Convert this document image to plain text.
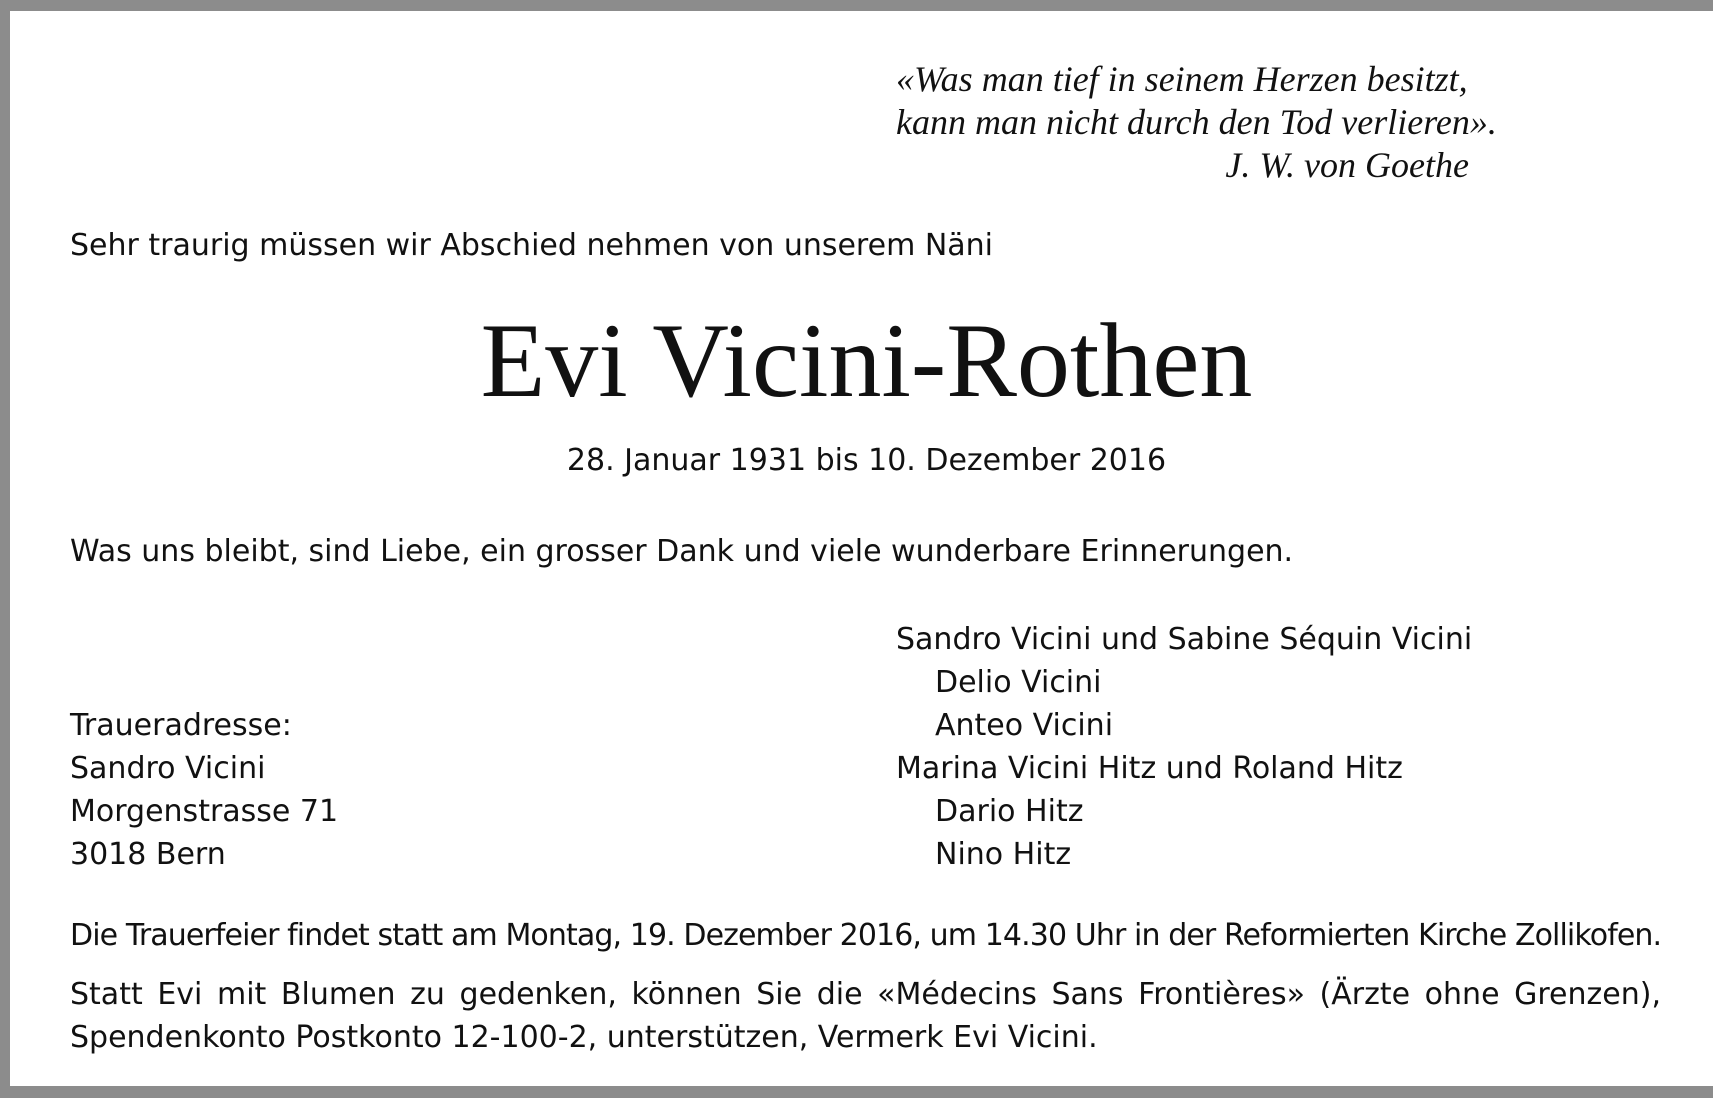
«Was man tief in seinem Herzen besitzt,
kann man nicht durch den Tod verlieren».
J. W. von Goethe
Sehr traurig müssen wir Abschied nehmen von unserem Näni
Evi Vicini-Rothen
28. Januar 1931 bis 10. Dezember 2016
Was uns bleibt, sind Liebe, ein grosser Dank und viele wunderbare Erinnerungen.
Traueradresse:
Sandro Vicini
Morgenstrasse 71
3018 Bern
Sandro Vicini und Sabine Séquin Vicini
Delio Vicini
Anteo Vicini
Marina Vicini Hitz und Roland Hitz
Dario Hitz
Nino Hitz
Die Trauerfeier findet statt am Montag, 19. Dezember 2016, um 14.30 Uhr in der Reformierten Kirche Zollikofen.
Statt Evi mit Blumen zu gedenken, können Sie die «Médecins Sans Frontières» (Ärzte ohne Grenzen), Spendenkonto Postkonto 12-100-2, unterstützen, Vermerk Evi Vicini.
